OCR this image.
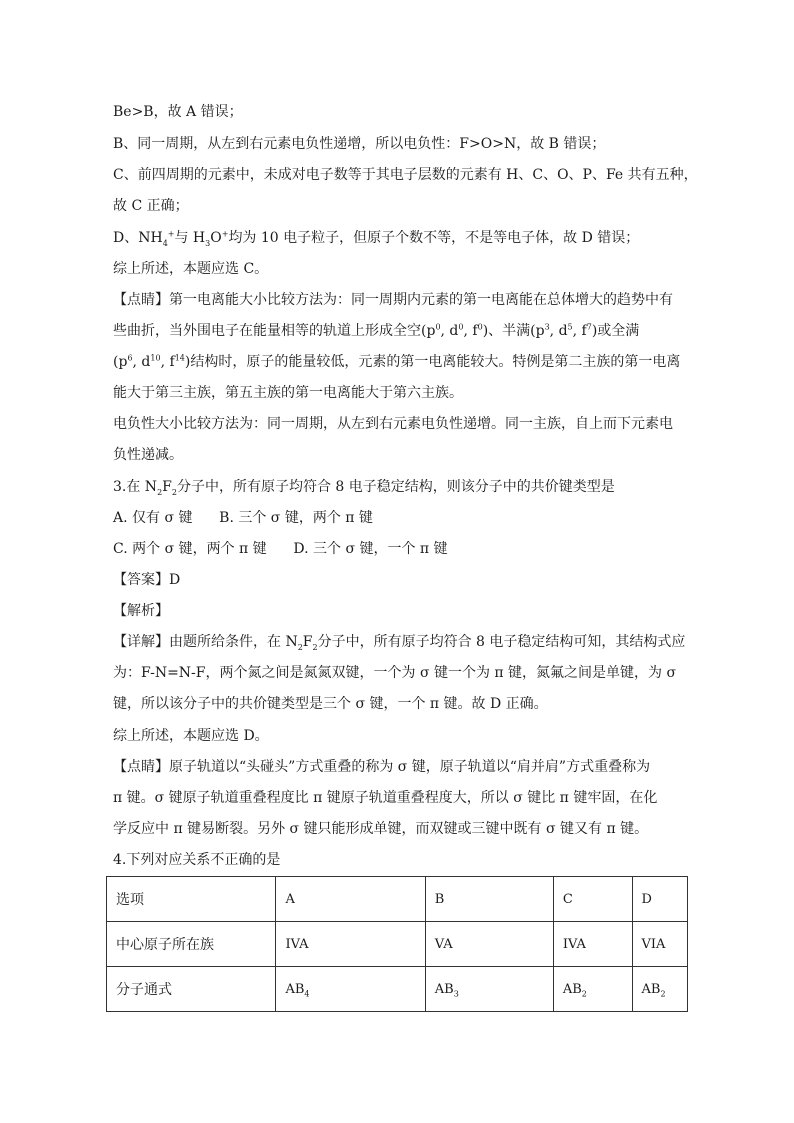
Be>B，故 A 错误；
B、同一周期，从左到右元素电负性递增，所以电负性：F>O>N，故 B 错误；
C、前四周期的元素中，未成对电子数等于其电子层数的元素有 H、C、O、P、Fe 共有五种，
故 C 正确；
D、$NH_4^+$与 $H_3O^+$均为 10 电子粒子，但原子个数不等，不是等电子体，故 D 错误；
综上所述，本题应选 C。
【点睛】第一电离能大小比较方法为：同一周期内元素的第一电离能在总体增大的趋势中有
些曲折，当外围电子在能量相等的轨道上形成全空($p^0$, $d^0$, $f^0$)、半满($p^3$, $d^5$, $f^7$)或全满
($p^6$, $d^{10}$, $f^{14}$)结构时，原子的能量较低，元素的第一电离能较大。特例是第二主族的第一电离
能大于第三主族，第五主族的第一电离能大于第六主族。
电负性大小比较方法为：同一周期，从左到右元素电负性递增。同一主族，自上而下元素电
负性递减。
3.在 $N_2F_2$分子中，所有原子均符合 8 电子稳定结构，则该分子中的共价键类型是
A. 仅有 σ 键      B. 三个 σ 键，两个 π 键
C. 两个 σ 键，两个 π 键      D. 三个 σ 键，一个 π 键
【答案】D
【解析】
【详解】由题所给条件，在 $N_2F_2$分子中，所有原子均符合 8 电子稳定结构可知，其结构式应
为：F-N=N-F，两个氮之间是氮氮双键，一个为 σ 键一个为 π 键，氮氟之间是单键，为 σ
键，所以该分子中的共价键类型是三个 σ 键，一个 π 键。故 D 正确。
综上所述，本题应选 D。
【点睛】原子轨道以“头碰头”方式重叠的称为 σ 键，原子轨道以“肩并肩”方式重叠称为
π 键。σ 键原子轨道重叠程度比 π 键原子轨道重叠程度大，所以 σ 键比 π 键牢固，在化
学反应中 π 键易断裂。另外 σ 键只能形成单键，而双键或三键中既有 σ 键又有 π 键。
4.下列对应关系不正确的是
选项	A	B	C	D
中心原子所在族	IVA	VA	IVA	VIA
分子通式	$AB_4$	$AB_3$	$AB_2$	$AB_2$
